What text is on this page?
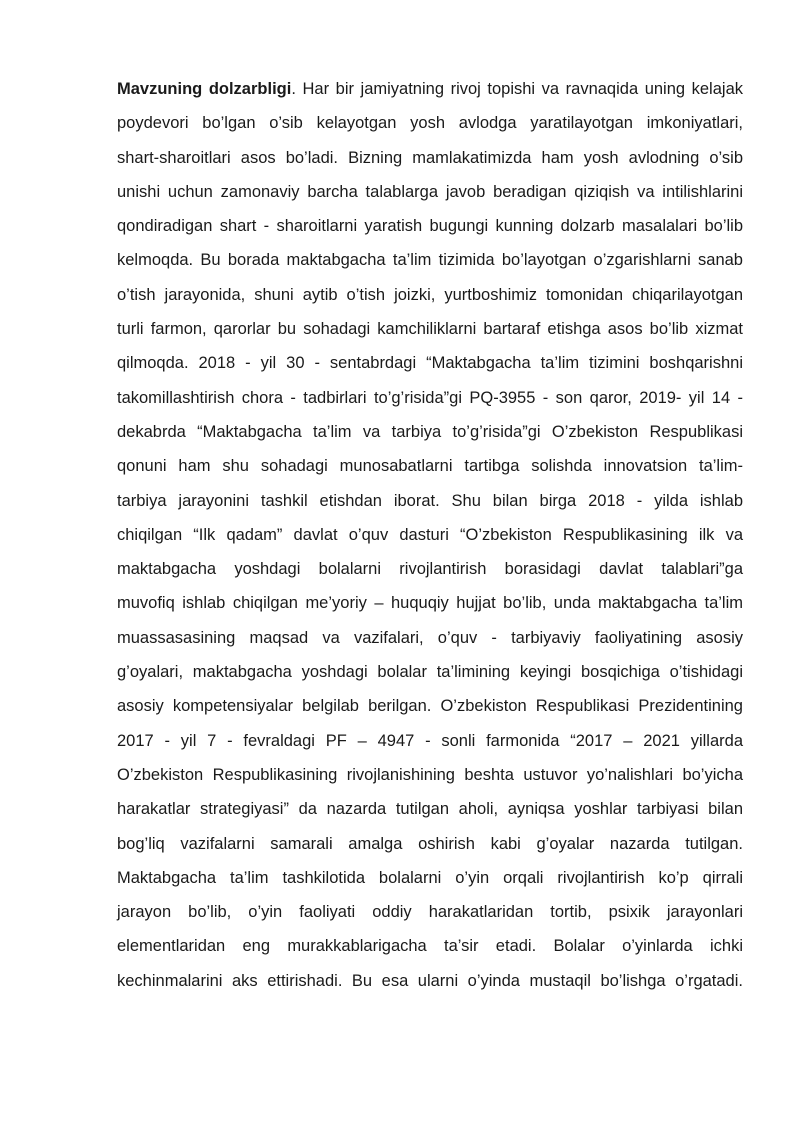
Mavzuning dolzarbligi. Har bir jamiyatning rivoj topishi va ravnaqida uning kelajak
poydevori bo’lgan o’sib kelayotgan yosh avlodga yaratilayotgan imkoniyatlari,
shart-sharoitlari asos bo’ladi. Bizning mamlakatimizda ham yosh avlodning o’sib
unishi uchun zamonaviy barcha talablarga javob beradigan qiziqish va intilishlarini
qondiradigan shart - sharoitlarni yaratish bugungi kunning dolzarb masalalari bo’lib
kelmoqda. Bu borada maktabgacha ta’lim tizimida bo’layotgan o’zgarishlarni sanab
o’tish jarayonida, shuni aytib o’tish joizki, yurtboshimiz tomonidan chiqarilayotgan
turli farmon, qarorlar bu sohadagi kamchiliklarni bartaraf etishga asos bo’lib xizmat
qilmoqda. 2018 - yil 30 - sentabrdagi “Maktabgacha ta’lim tizimini boshqarishni
takomillashtirish chora - tadbirlari to’g’risida”gi PQ-3955 - son qaror, 2019- yil 14 -
dekabrda “Maktabgacha ta’lim va tarbiya to’g’risida”gi O’zbekiston Respublikasi
qonuni ham shu sohadagi munosabatlarni tartibga solishda innovatsion ta’lim-
tarbiya jarayonini tashkil etishdan iborat. Shu bilan birga 2018 - yilda ishlab
chiqilgan “Ilk qadam” davlat o’quv dasturi “O’zbekiston Respublikasining ilk va
maktabgacha yoshdagi bolalarni rivojlantirish borasidagi davlat talablari”ga
muvofiq ishlab chiqilgan me’yoriy – huquqiy hujjat bo’lib, unda maktabgacha ta’lim
muassasasining maqsad va vazifalari, o’quv - tarbiyaviy faoliyatining asosiy
g’oyalari, maktabgacha yoshdagi bolalar ta’limining keyingi bosqichiga o’tishidagi
asosiy kompetensiyalar belgilab berilgan. O’zbekiston Respublikasi Prezidentining
2017 - yil 7 - fevraldagi PF – 4947 - sonli farmonida “2017 – 2021 yillarda
O’zbekiston Respublikasining rivojlanishining beshta ustuvor yo’nalishlari bo’yicha
harakatlar strategiyasi” da nazarda tutilgan aholi, ayniqsa yoshlar tarbiyasi bilan
bog’liq vazifalarni samarali amalga oshirish kabi g’oyalar nazarda tutilgan.
Maktabgacha ta’lim tashkilotida bolalarni o’yin orqali rivojlantirish ko’p qirrali
jarayon bo’lib, o’yin faoliyati oddiy harakatlaridan tortib, psixik jarayonlari
elementlaridan eng murakkablarigacha ta’sir etadi. Bolalar o’yinlarda ichki
kechinmalarini aks ettirishadi. Bu esa ularni o’yinda mustaqil bo’lishga o’rgatadi.
